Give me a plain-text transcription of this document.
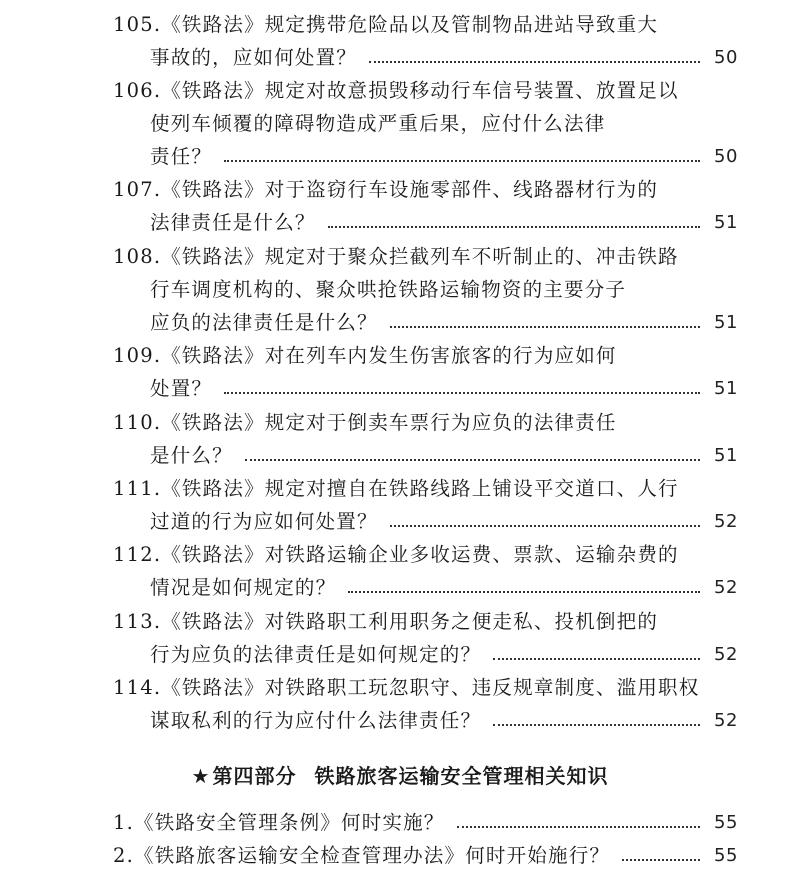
105.《铁路法》规定携带危险品以及管制物品进站导致重大
事故的，应如何处置？	50
106.《铁路法》规定对故意损毁移动行车信号装置、放置足以
使列车倾覆的障碍物造成严重后果，应付什么法律
责任？	50
107.《铁路法》对于盗窃行车设施零部件、线路器材行为的
法律责任是什么？	51
108.《铁路法》规定对于聚众拦截列车不听制止的、冲击铁路
行车调度机构的、聚众哄抢铁路运输物资的主要分子
应负的法律责任是什么？	51
109.《铁路法》对在列车内发生伤害旅客的行为应如何
处置？	51
110.《铁路法》规定对于倒卖车票行为应负的法律责任
是什么？	51
111.《铁路法》规定对擅自在铁路线路上铺设平交道口、人行
过道的行为应如何处置？	52
112.《铁路法》对铁路运输企业多收运费、票款、运输杂费的
情况是如何规定的？	52
113.《铁路法》对铁路职工利用职务之便走私、投机倒把的
行为应负的法律责任是如何规定的？	52
114.《铁路法》对铁路职工玩忽职守、违反规章制度、滥用职权
谋取私利的行为应付什么法律责任？	52
★ 第四部分 铁路旅客运输安全管理相关知识
1.《铁路安全管理条例》何时实施？	55
2.《铁路旅客运输安全检查管理办法》何时开始施行？	55
